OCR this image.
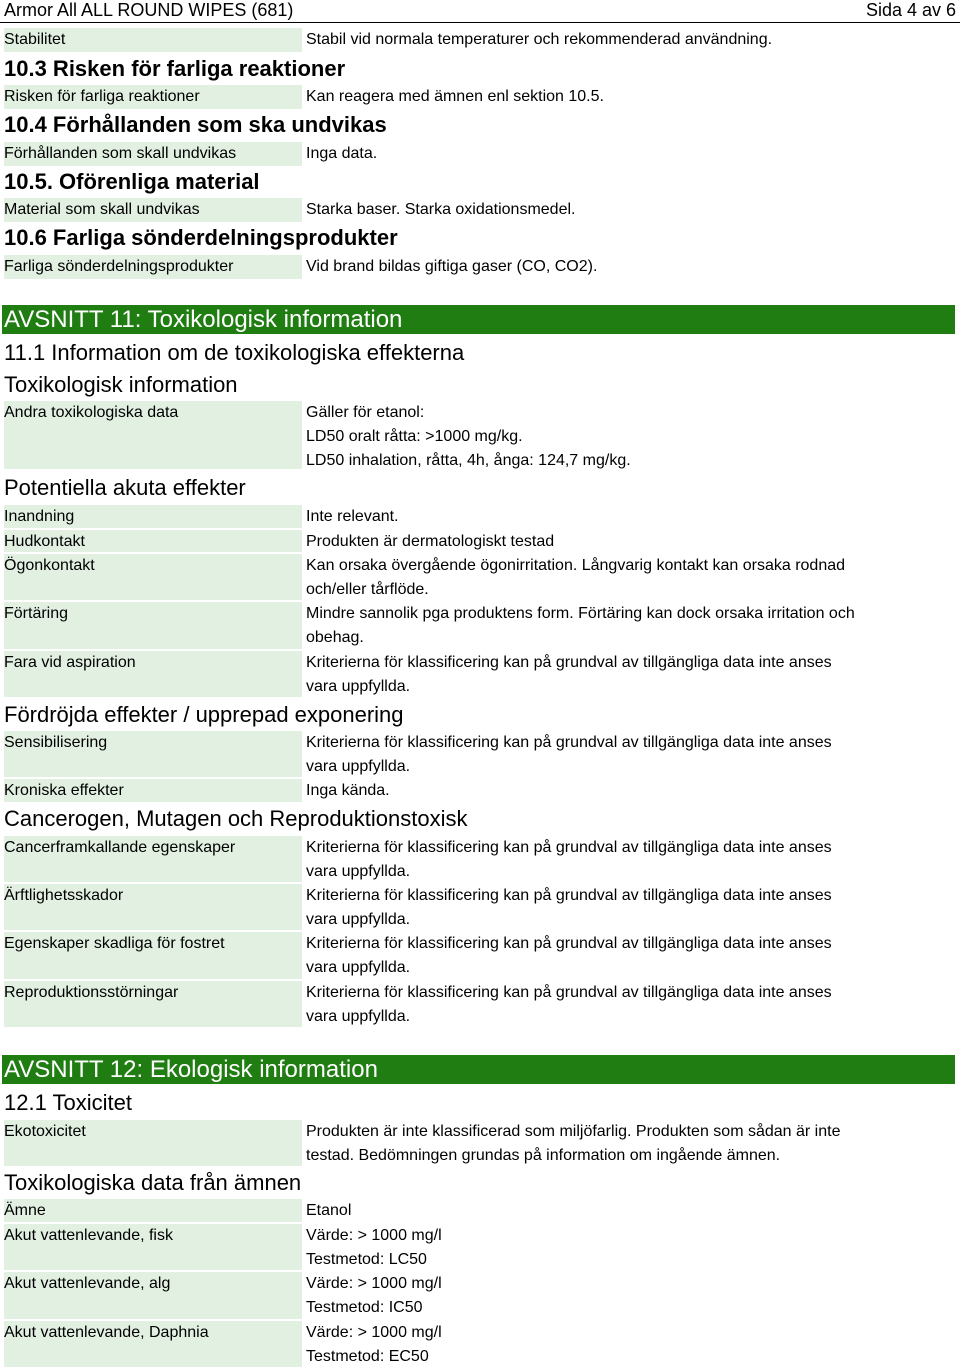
Armor All ALL ROUND WIPES (681)	Sida 4 av 6
Stabilitet	Stabil vid normala temperaturer och rekommenderad användning.
10.3 Risken för farliga reaktioner
Risken för farliga reaktioner	Kan reagera med ämnen enl sektion 10.5.
10.4 Förhållanden som ska undvikas
Förhållanden som skall undvikas	Inga data.
10.5. Oförenliga material
Material som skall undvikas	Starka baser. Starka oxidationsmedel.
10.6 Farliga sönderdelningsprodukter
Farliga sönderdelningsprodukter	Vid brand bildas giftiga gaser (CO, CO2).
AVSNITT 11: Toxikologisk information
11.1 Information om de toxikologiska effekterna
Toxikologisk information
Andra toxikologiska data	Gäller för etanol:
LD50 oralt råtta: >1000 mg/kg.
LD50 inhalation, råtta, 4h, ånga: 124,7 mg/kg.
Potentiella akuta effekter
Inandning	Inte relevant.
Hudkontakt	Produkten är dermatologiskt testad
Ögonkontakt	Kan orsaka övergående ögonirritation. Långvarig kontakt kan orsaka rodnad
och/eller tårflöde.
Förtäring	Mindre sannolik pga produktens form. Förtäring kan dock orsaka irritation och
obehag.
Fara vid aspiration	Kriterierna för klassificering kan på grundval av tillgängliga data inte anses
vara uppfyllda.
Fördröjda effekter / upprepad exponering
Sensibilisering	Kriterierna för klassificering kan på grundval av tillgängliga data inte anses
vara uppfyllda.
Kroniska effekter	Inga kända.
Cancerogen, Mutagen och Reproduktionstoxisk
Cancerframkallande egenskaper	Kriterierna för klassificering kan på grundval av tillgängliga data inte anses
vara uppfyllda.
Ärftlighetsskador	Kriterierna för klassificering kan på grundval av tillgängliga data inte anses
vara uppfyllda.
Egenskaper skadliga för fostret	Kriterierna för klassificering kan på grundval av tillgängliga data inte anses
vara uppfyllda.
Reproduktionsstörningar	Kriterierna för klassificering kan på grundval av tillgängliga data inte anses
vara uppfyllda.
AVSNITT 12: Ekologisk information
12.1 Toxicitet
Ekotoxicitet	Produkten är inte klassificerad som miljöfarlig. Produkten som sådan är inte
testad. Bedömningen grundas på information om ingående ämnen.
Toxikologiska data från ämnen
Ämne	Etanol
Akut vattenlevande, fisk	Värde: > 1000 mg/l
Testmetod: LC50
Akut vattenlevande, alg	Värde: > 1000 mg/l
Testmetod: IC50
Akut vattenlevande, Daphnia	Värde: > 1000 mg/l
Testmetod: EC50
